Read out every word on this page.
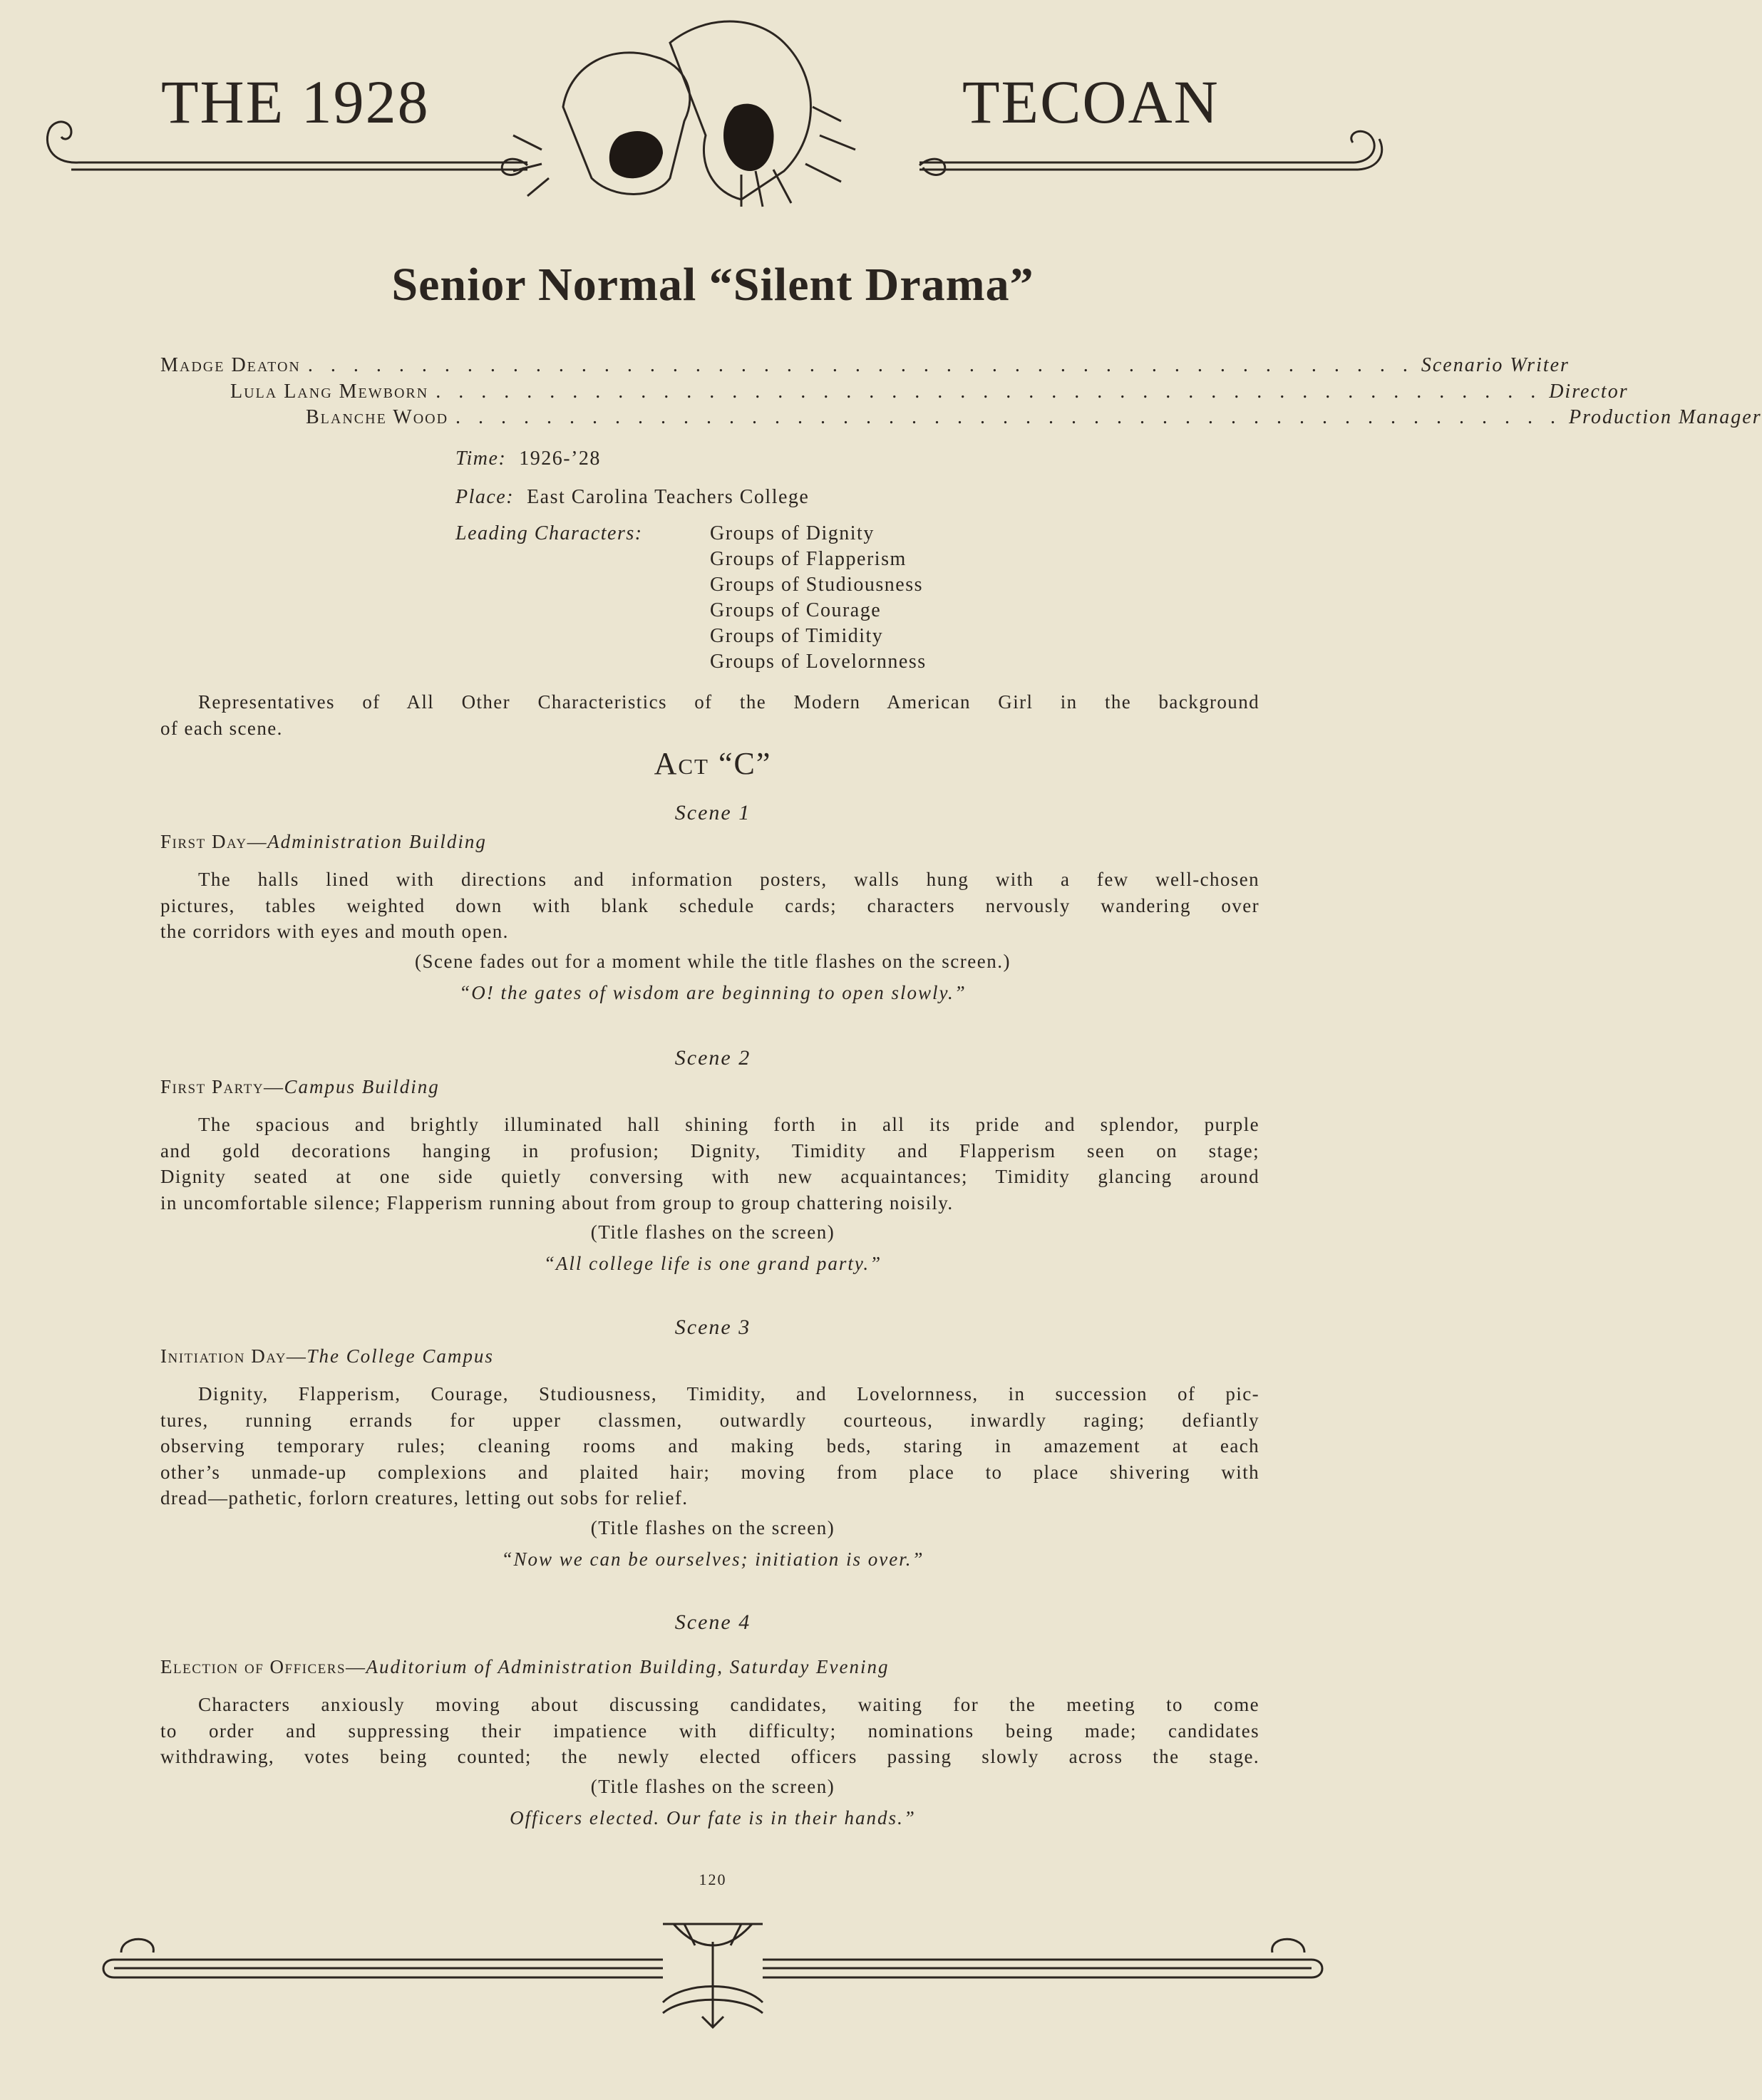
THE 1928	TECOAN
Senior Normal “Silent Drama”
Madge Deaton . . . . . . . . . . . . . . . . . . . . . . . . . . . . . . . . . . . . . . . . . . . . . . . . . Scenario Writer
Lula Lang Mewborn . . . . . . . . . . . . . . . . . . . . . . . . . . . . . . . . . . . . . . . . . . . . . . . . . Director
Blanche Wood . . . . . . . . . . . . . . . . . . . . . . . . . . . . . . . . . . . . . . . . . . . . . . . . . Production Manager
Time: 1926-’28
Place: East Carolina Teachers College
Leading Characters:	Groups of Dignity
Groups of Flapperism
Groups of Studiousness
Groups of Courage
Groups of Timidity
Groups of Lovelornness
Representatives of All Other Characteristics of the Modern American Girl in the background
of each scene.
Act “C”
Scene 1
First Day—Administration Building
The halls lined with directions and information posters, walls hung with a few well-chosen
pictures, tables weighted down with blank schedule cards; characters nervously wandering over
the corridors with eyes and mouth open.
(Scene fades out for a moment while the title flashes on the screen.)
“O! the gates of wisdom are beginning to open slowly.”
Scene 2
First Party—Campus Building
The spacious and brightly illuminated hall shining forth in all its pride and splendor, purple
and gold decorations hanging in profusion; Dignity, Timidity and Flapperism seen on stage;
Dignity seated at one side quietly conversing with new acquaintances; Timidity glancing around
in uncomfortable silence; Flapperism running about from group to group chattering noisily.
(Title flashes on the screen)
“All college life is one grand party.”
Scene 3
Initiation Day—The College Campus
Dignity, Flapperism, Courage, Studiousness, Timidity, and Lovelornness, in succession of pic-
tures, running errands for upper classmen, outwardly courteous, inwardly raging; defiantly
observing temporary rules; cleaning rooms and making beds, staring in amazement at each
other’s unmade-up complexions and plaited hair; moving from place to place shivering with
dread—pathetic, forlorn creatures, letting out sobs for relief.
(Title flashes on the screen)
“Now we can be ourselves; initiation is over.”
Scene 4
Election of Officers—Auditorium of Administration Building, Saturday Evening
Characters anxiously moving about discussing candidates, waiting for the meeting to come
to order and suppressing their impatience with difficulty; nominations being made; candidates
withdrawing, votes being counted; the newly elected officers passing slowly across the stage.
(Title flashes on the screen)
Officers elected. Our fate is in their hands.”
120
